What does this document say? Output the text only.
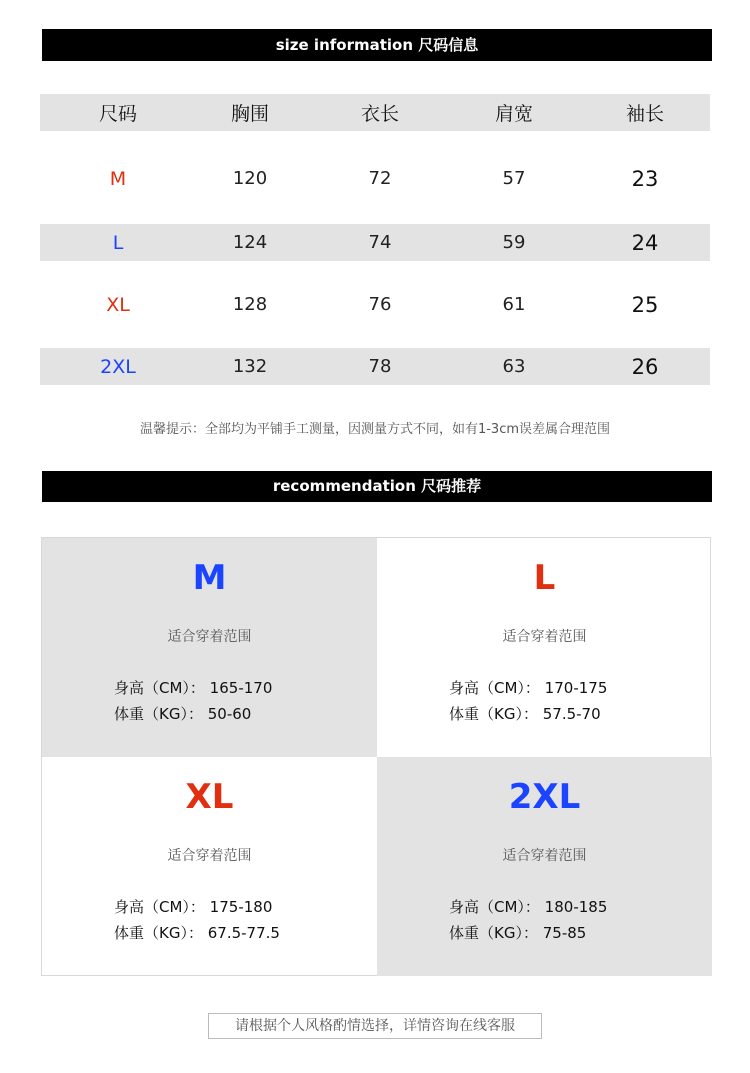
size information 尺码信息
尺码	胸围	衣长	肩宽	袖长
M	120	72	57	23
L	124	74	59	24
XL	128	76	61	25
2XL	132	78	63	26
温馨提示：全部均为平铺手工测量，因测量方式不同，如有1-3cm误差属合理范围
recommendation 尺码推荐
M
适合穿着范围
身高（CM）： 165-170
体重（KG）： 50-60
L
适合穿着范围
身高（CM）： 170-175
体重（KG）： 57.5-70
XL
适合穿着范围
身高（CM）： 175-180
体重（KG）： 67.5-77.5
2XL
适合穿着范围
身高（CM）： 180-185
体重（KG）： 75-85
请根据个人风格酌情选择，详情咨询在线客服
